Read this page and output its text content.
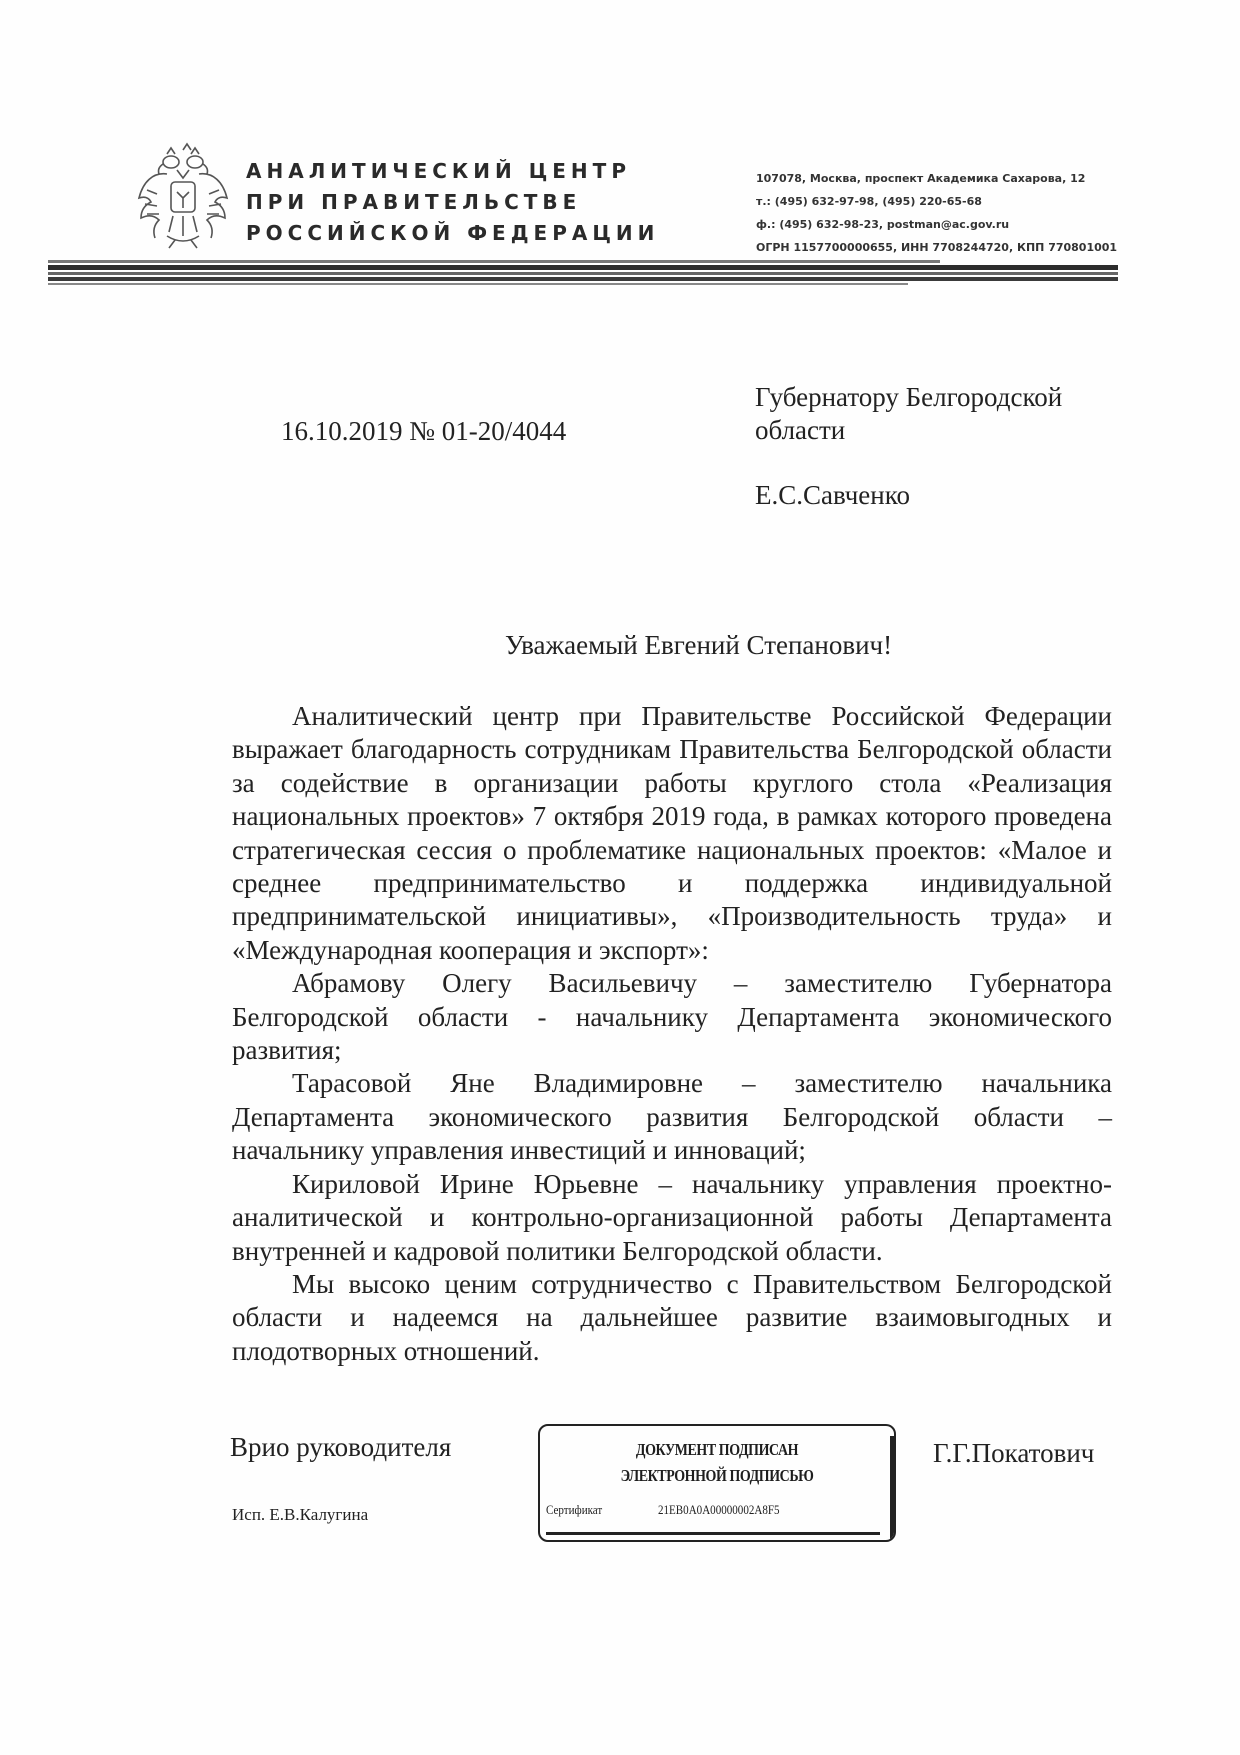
АНАЛИТИЧЕСКИЙ ЦЕНТР
ПРИ ПРАВИТЕЛЬСТВЕ
РОССИЙСКОЙ ФЕДЕРАЦИИ
107078, Москва, проспект Академика Сахарова, 12
т.: (495) 632-97-98, (495) 220-65-68
ф.: (495) 632-98-23, postman@ac.gov.ru
ОГРН 1157700000655, ИНН 7708244720, КПП 770801001
16.10.2019 № 01-20/4044
Губернатору Белгородской
области
Е.С.Савченко
Уважаемый Евгений Степанович!

Аналитический центр при Правительстве Российской Федерации выражает благодарность сотрудникам Правительства Белгородской области за содействие в организации работы круглого стола «Реализация национальных проектов» 7 октября 2019 года, в рамках которого проведена стратегическая сессия о проблематике национальных проектов: «Малое и среднее предпринимательство и поддержка индивидуальной предпринимательской инициативы», «Производительность труда» и «Международная кооперация и экспорт»:

Абрамову Олегу Васильевичу – заместителю Губернатора Белгородской области - начальнику Департамента экономического развития;

Тарасовой Яне Владимировне – заместителю начальника Департамента экономического развития Белгородской области – начальнику управления инвестиций и инноваций;

Кириловой Ирине Юрьевне – начальнику управления проектно-аналитической и контрольно-организационной работы Департамента внутренней и кадровой политики Белгородской области.

Мы высоко ценим сотрудничество с Правительством Белгородской области и надеемся на дальнейшее развитие взаимовыгодных и плодотворных отношений.

Врио руководителя	Г.Г.Покатович
Исп. Е.В.Калугина
ДОКУМЕНТ ПОДПИСАН
ЭЛЕКТРОННОЙ ПОДПИСЬЮ
Сертификат	21EB0A0A00000002A8F5
